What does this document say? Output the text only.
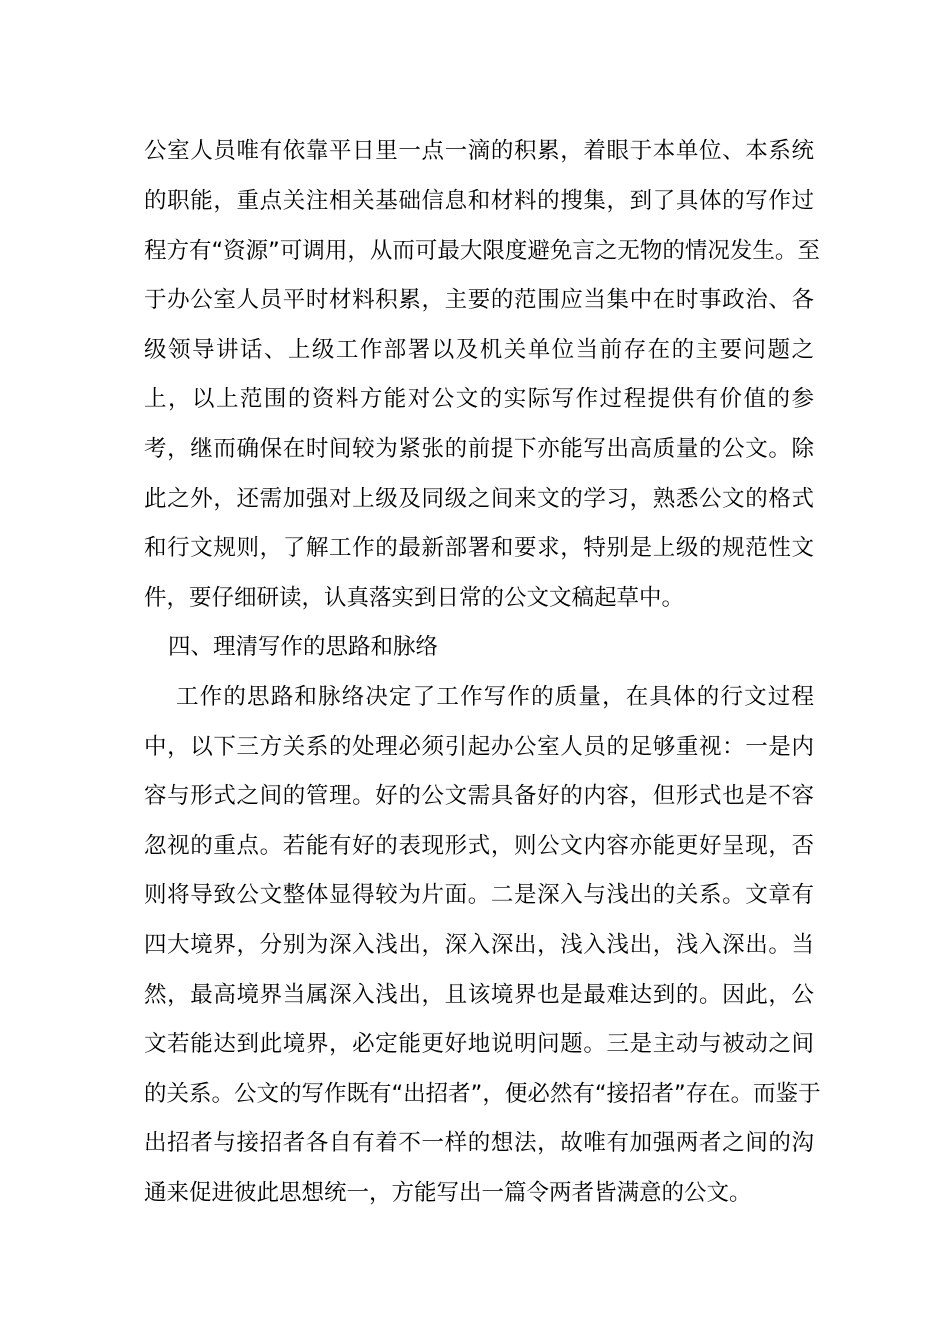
公室人员唯有依靠平日里一点一滴的积累，着眼于本单位、本系统
的职能，重点关注相关基础信息和材料的搜集，到了具体的写作过
程方有“资源”可调用，从而可最大限度避免言之无物的情况发生。至
于办公室人员平时材料积累，主要的范围应当集中在时事政治、各
级领导讲话、上级工作部署以及机关单位当前存在的主要问题之
上，以上范围的资料方能对公文的实际写作过程提供有价值的参
考，继而确保在时间较为紧张的前提下亦能写出高质量的公文。除
此之外，还需加强对上级及同级之间来文的学习，熟悉公文的格式
和行文规则，了解工作的最新部署和要求，特别是上级的规范性文
件，要仔细研读，认真落实到日常的公文文稿起草中。
四、理清写作的思路和脉络
工作的思路和脉络决定了工作写作的质量，在具体的行文过程
中，以下三方关系的处理必须引起办公室人员的足够重视：一是内
容与形式之间的管理。好的公文需具备好的内容，但形式也是不容
忽视的重点。若能有好的表现形式，则公文内容亦能更好呈现，否
则将导致公文整体显得较为片面。二是深入与浅出的关系。文章有
四大境界，分别为深入浅出，深入深出，浅入浅出，浅入深出。当
然，最高境界当属深入浅出，且该境界也是最难达到的。因此，公
文若能达到此境界，必定能更好地说明问题。三是主动与被动之间
的关系。公文的写作既有“出招者”，便必然有“接招者”存在。而鉴于
出招者与接招者各自有着不一样的想法，故唯有加强两者之间的沟
通来促进彼此思想统一，方能写出一篇令两者皆满意的公文。
